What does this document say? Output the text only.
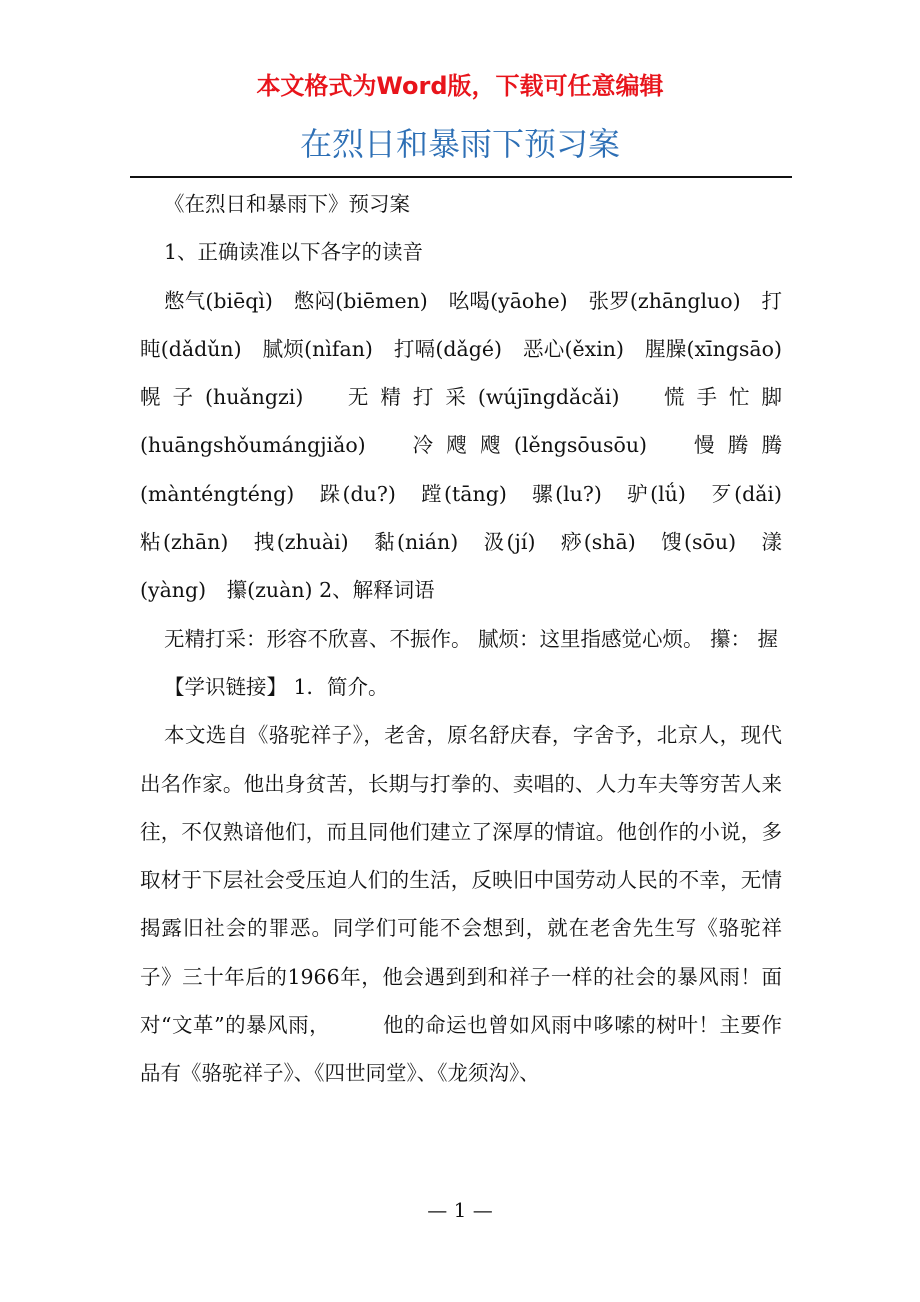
本文格式为Word版，下载可任意编辑
在烈日和暴雨下预习案

《在烈日和暴雨下》预习案

1、正确读准以下各字的读音

憋气(biēqì)　憋闷(biēmen)　吆喝(yāohe)　张罗(zhāngluo)　打盹(dǎdǔn)　腻烦(nìfan)　打嗝(dǎgé)　恶心(ěxin)　腥臊(xīngsāo)　幌子(huǎngzi)　无精打采(wújīngdǎcǎi)　慌手忙脚(huāngshǒumángjiǎo)　冷飕飕(lěngsōusōu)　慢腾腾(mànténgténg)　跺(du?)　蹚(tāng)　骡(lu?)　驴(lǘ)　歹(dǎi)　粘(zhān)　拽(zhuài)　黏(nián)　汲(jí)　痧(shā)　馊(sōu)　漾(yàng)　攥(zuàn) 2、解释词语

无精打采：形容不欣喜、不振作。 腻烦：这里指感觉心烦。 攥： 握

【学识链接】 1．简介。

本文选自《骆驼祥子》，老舍，原名舒庆春，字舍予，北京人，现代出名作家。他出身贫苦，长期与打拳的、卖唱的、人力车夫等穷苦人来往，不仅熟谙他们，而且同他们建立了深厚的情谊。他创作的小说，多取材于下层社会受压迫人们的生活，反映旧中国劳动人民的不幸，无情揭露旧社会的罪恶。同学们可能不会想到，就在老舍先生写《骆驼祥子》三十年后的1966年，他会遇到到和祥子一样的社会的暴风雨！面对“文革”的暴风雨，　　　他的命运也曾如风雨中哆嗦的树叶！主要作品有《骆驼祥子》、《四世同堂》、《龙须沟》、

— 1 —
